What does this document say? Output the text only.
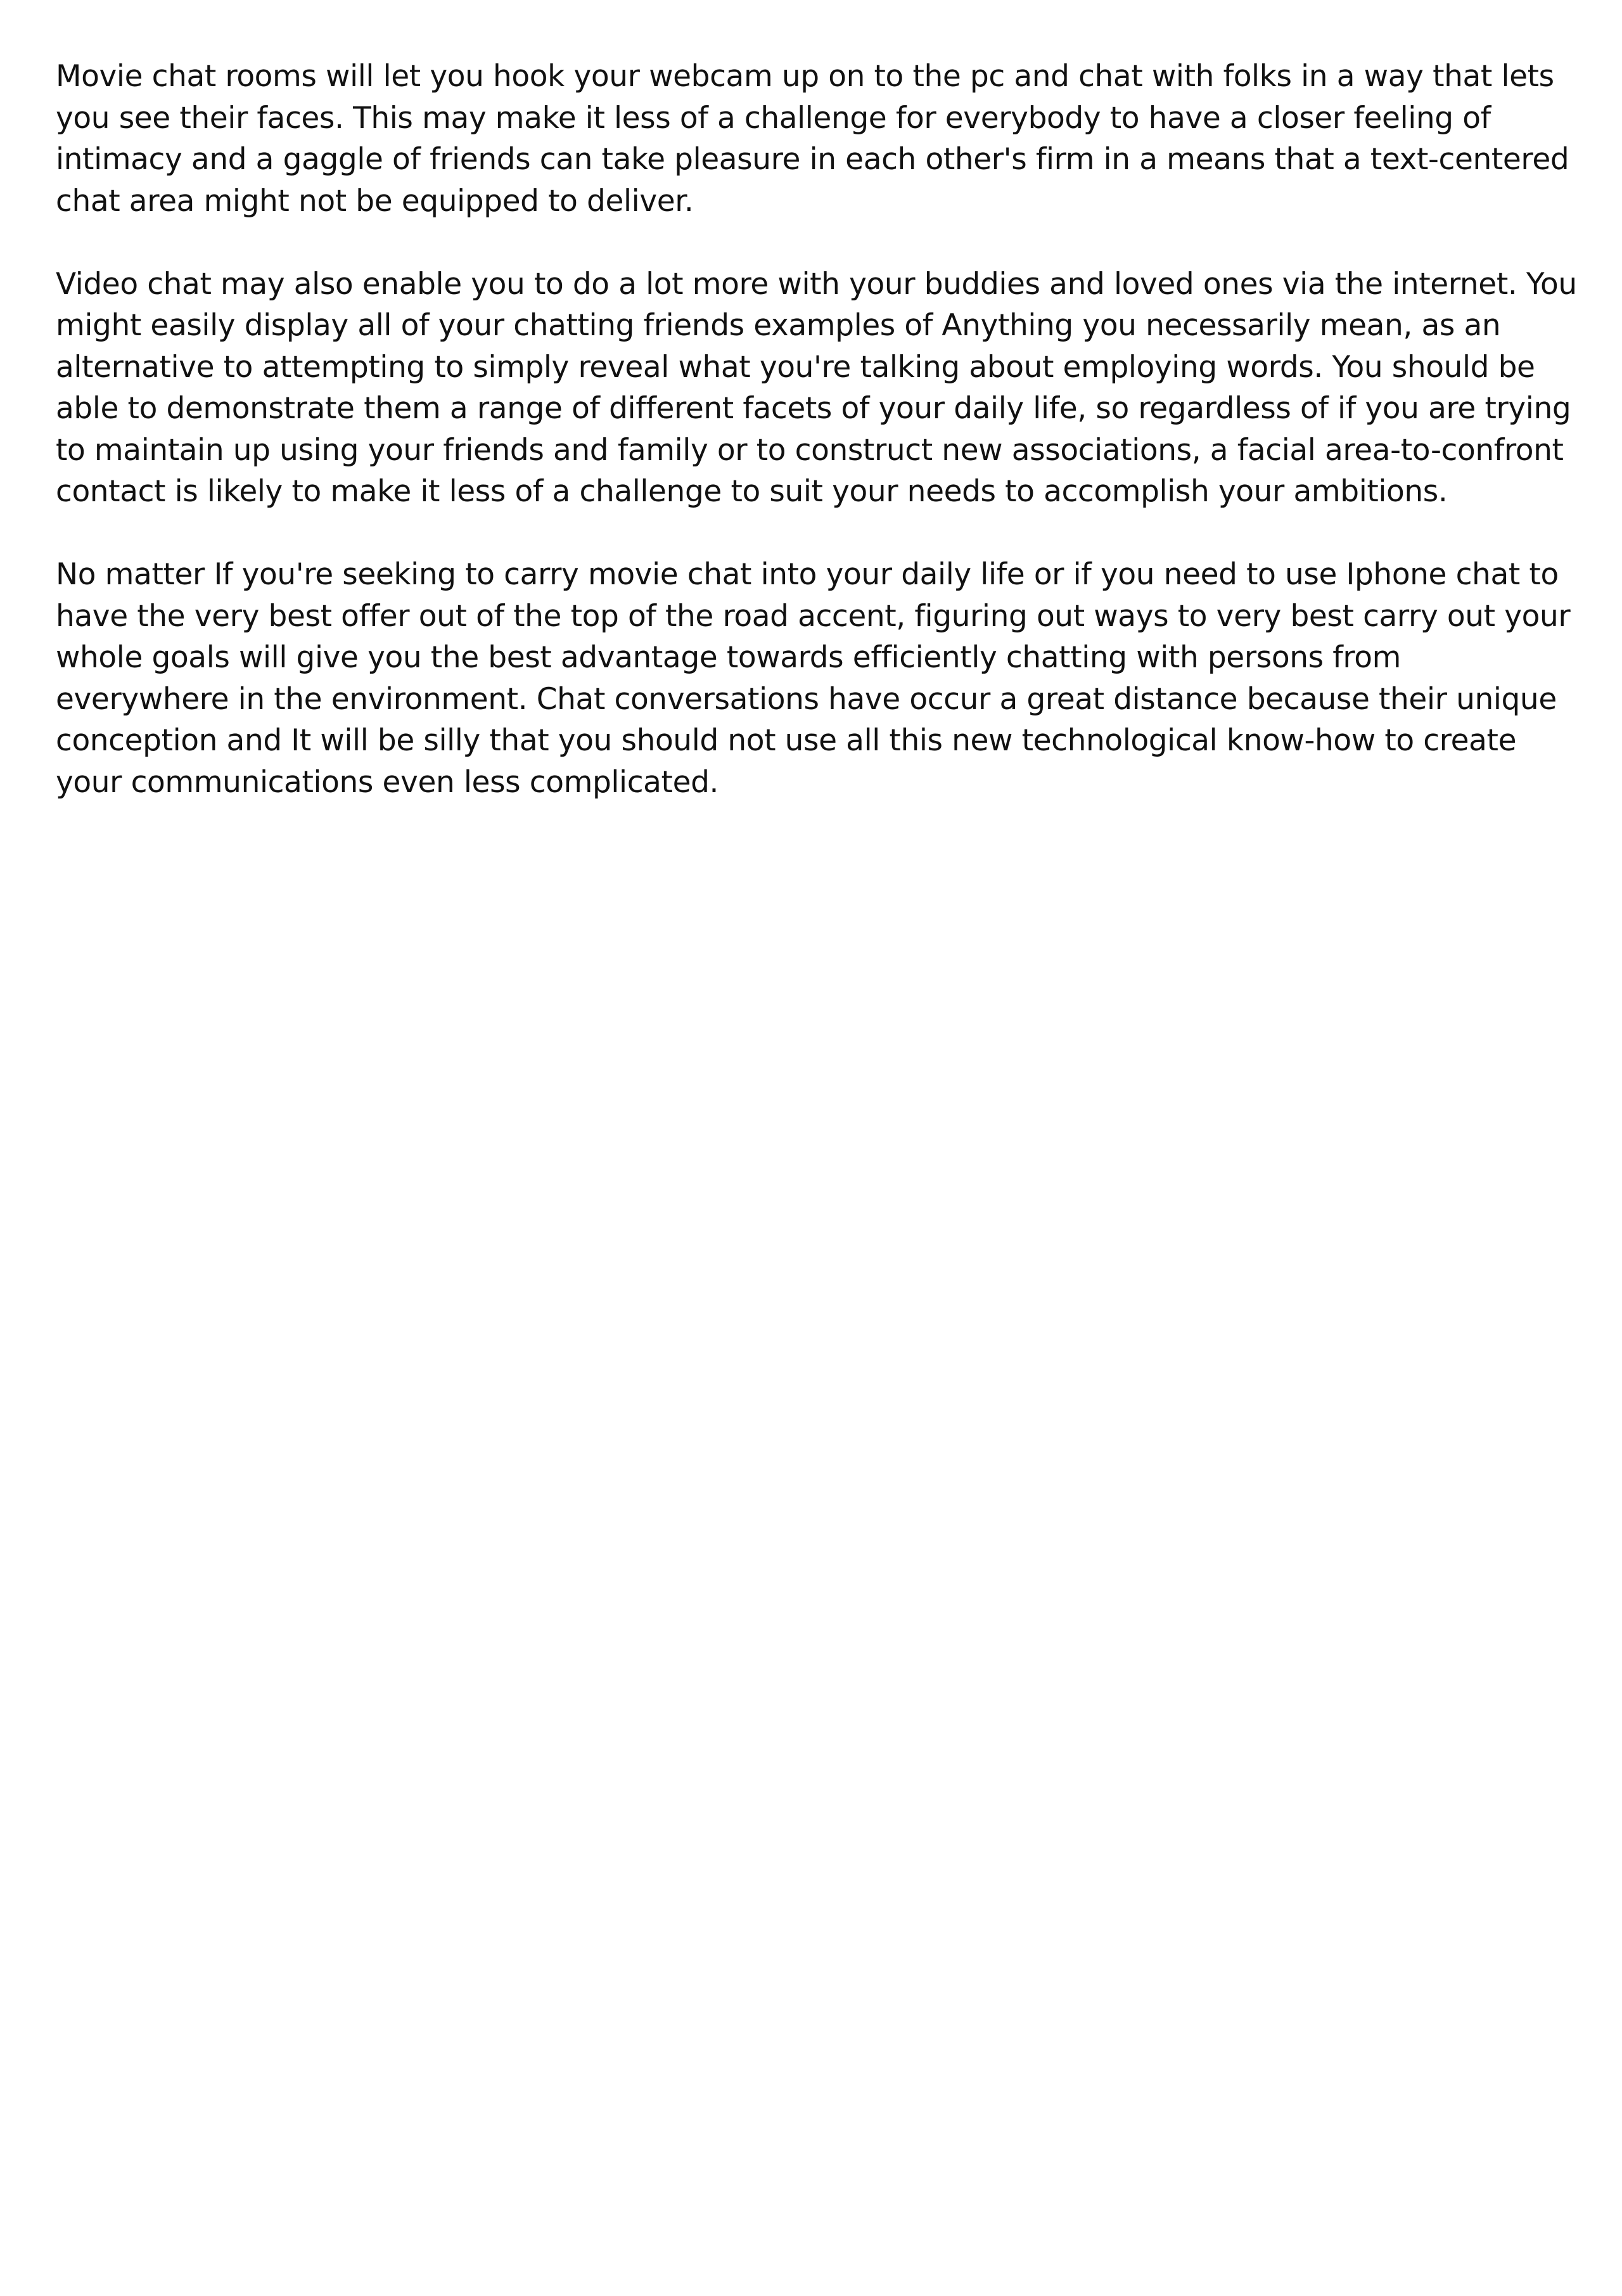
Movie chat rooms will let you hook your webcam up on to the pc and chat with folks in a way that lets you see their faces. This may make it less of a challenge for everybody to have a closer feeling of intimacy and a gaggle of friends can take pleasure in each other's firm in a means that a text-centered chat area might not be equipped to deliver.

Video chat may also enable you to do a lot more with your buddies and loved ones via the internet. You might easily display all of your chatting friends examples of Anything you necessarily mean, as an alternative to attempting to simply reveal what you're talking about employing words. You should be able to demonstrate them a range of different facets of your daily life, so regardless of if you are trying to maintain up using your friends and family or to construct new associations, a facial area-to-confront contact is likely to make it less of a challenge to suit your needs to accomplish your ambitions.

No matter If you're seeking to carry movie chat into your daily life or if you need to use Iphone chat to have the very best offer out of the top of the road accent, figuring out ways to very best carry out your whole goals will give you the best advantage towards efficiently chatting with persons from everywhere in the environment. Chat conversations have occur a great distance because their unique conception and It will be silly that you should not use all this new technological know-how to create your communications even less complicated.
